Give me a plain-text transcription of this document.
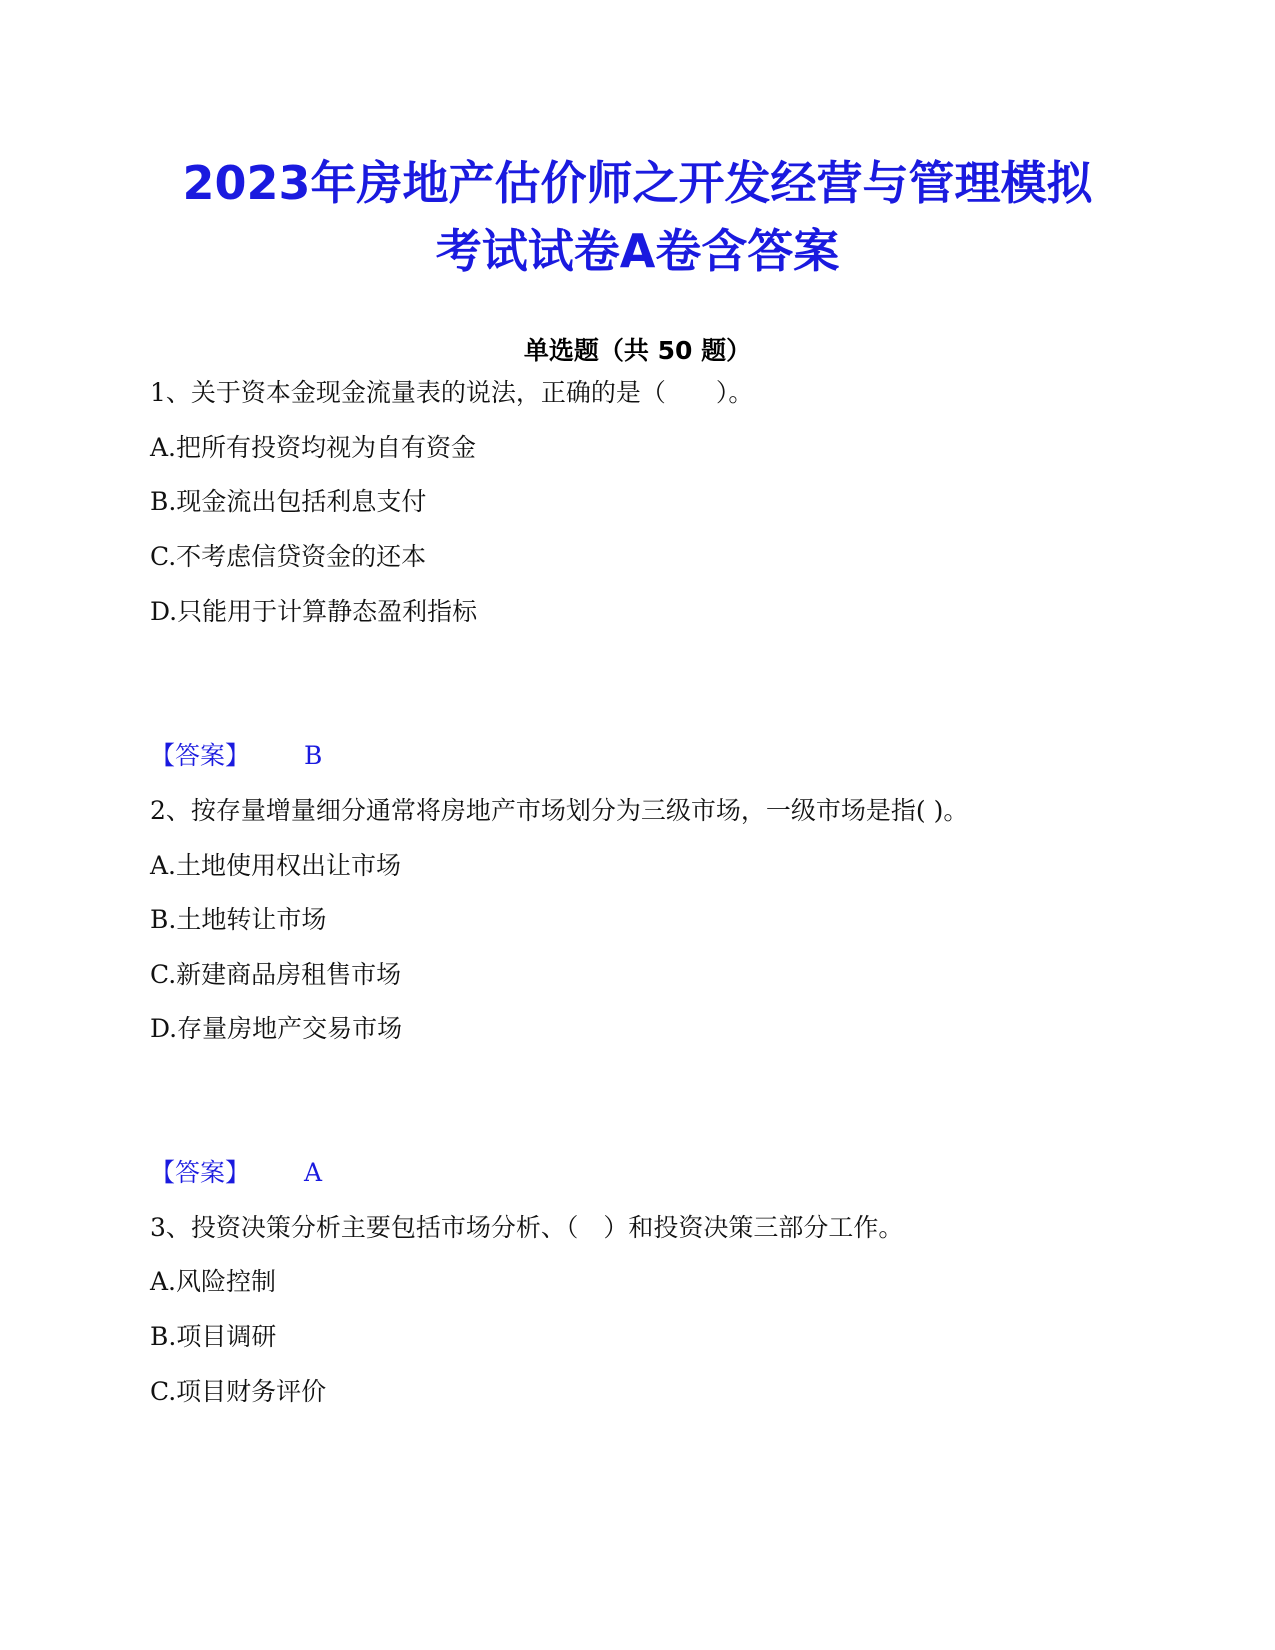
2023年房地产估价师之开发经营与管理模拟
考试试卷A卷含答案
单选题（共 50 题）
1、关于资本金现金流量表的说法，正确的是（　　）。
A.把所有投资均视为自有资金
B.现金流出包括利息支付
C.不考虑信贷资金的还本
D.只能用于计算静态盈利指标
【答案】 B
2、按存量增量细分通常将房地产市场划分为三级市场，一级市场是指( )。
A.土地使用权出让市场
B.土地转让市场
C.新建商品房租售市场
D.存量房地产交易市场
【答案】 A
3、投资决策分析主要包括市场分析、（　）和投资决策三部分工作。
A.风险控制
B.项目调研
C.项目财务评价
